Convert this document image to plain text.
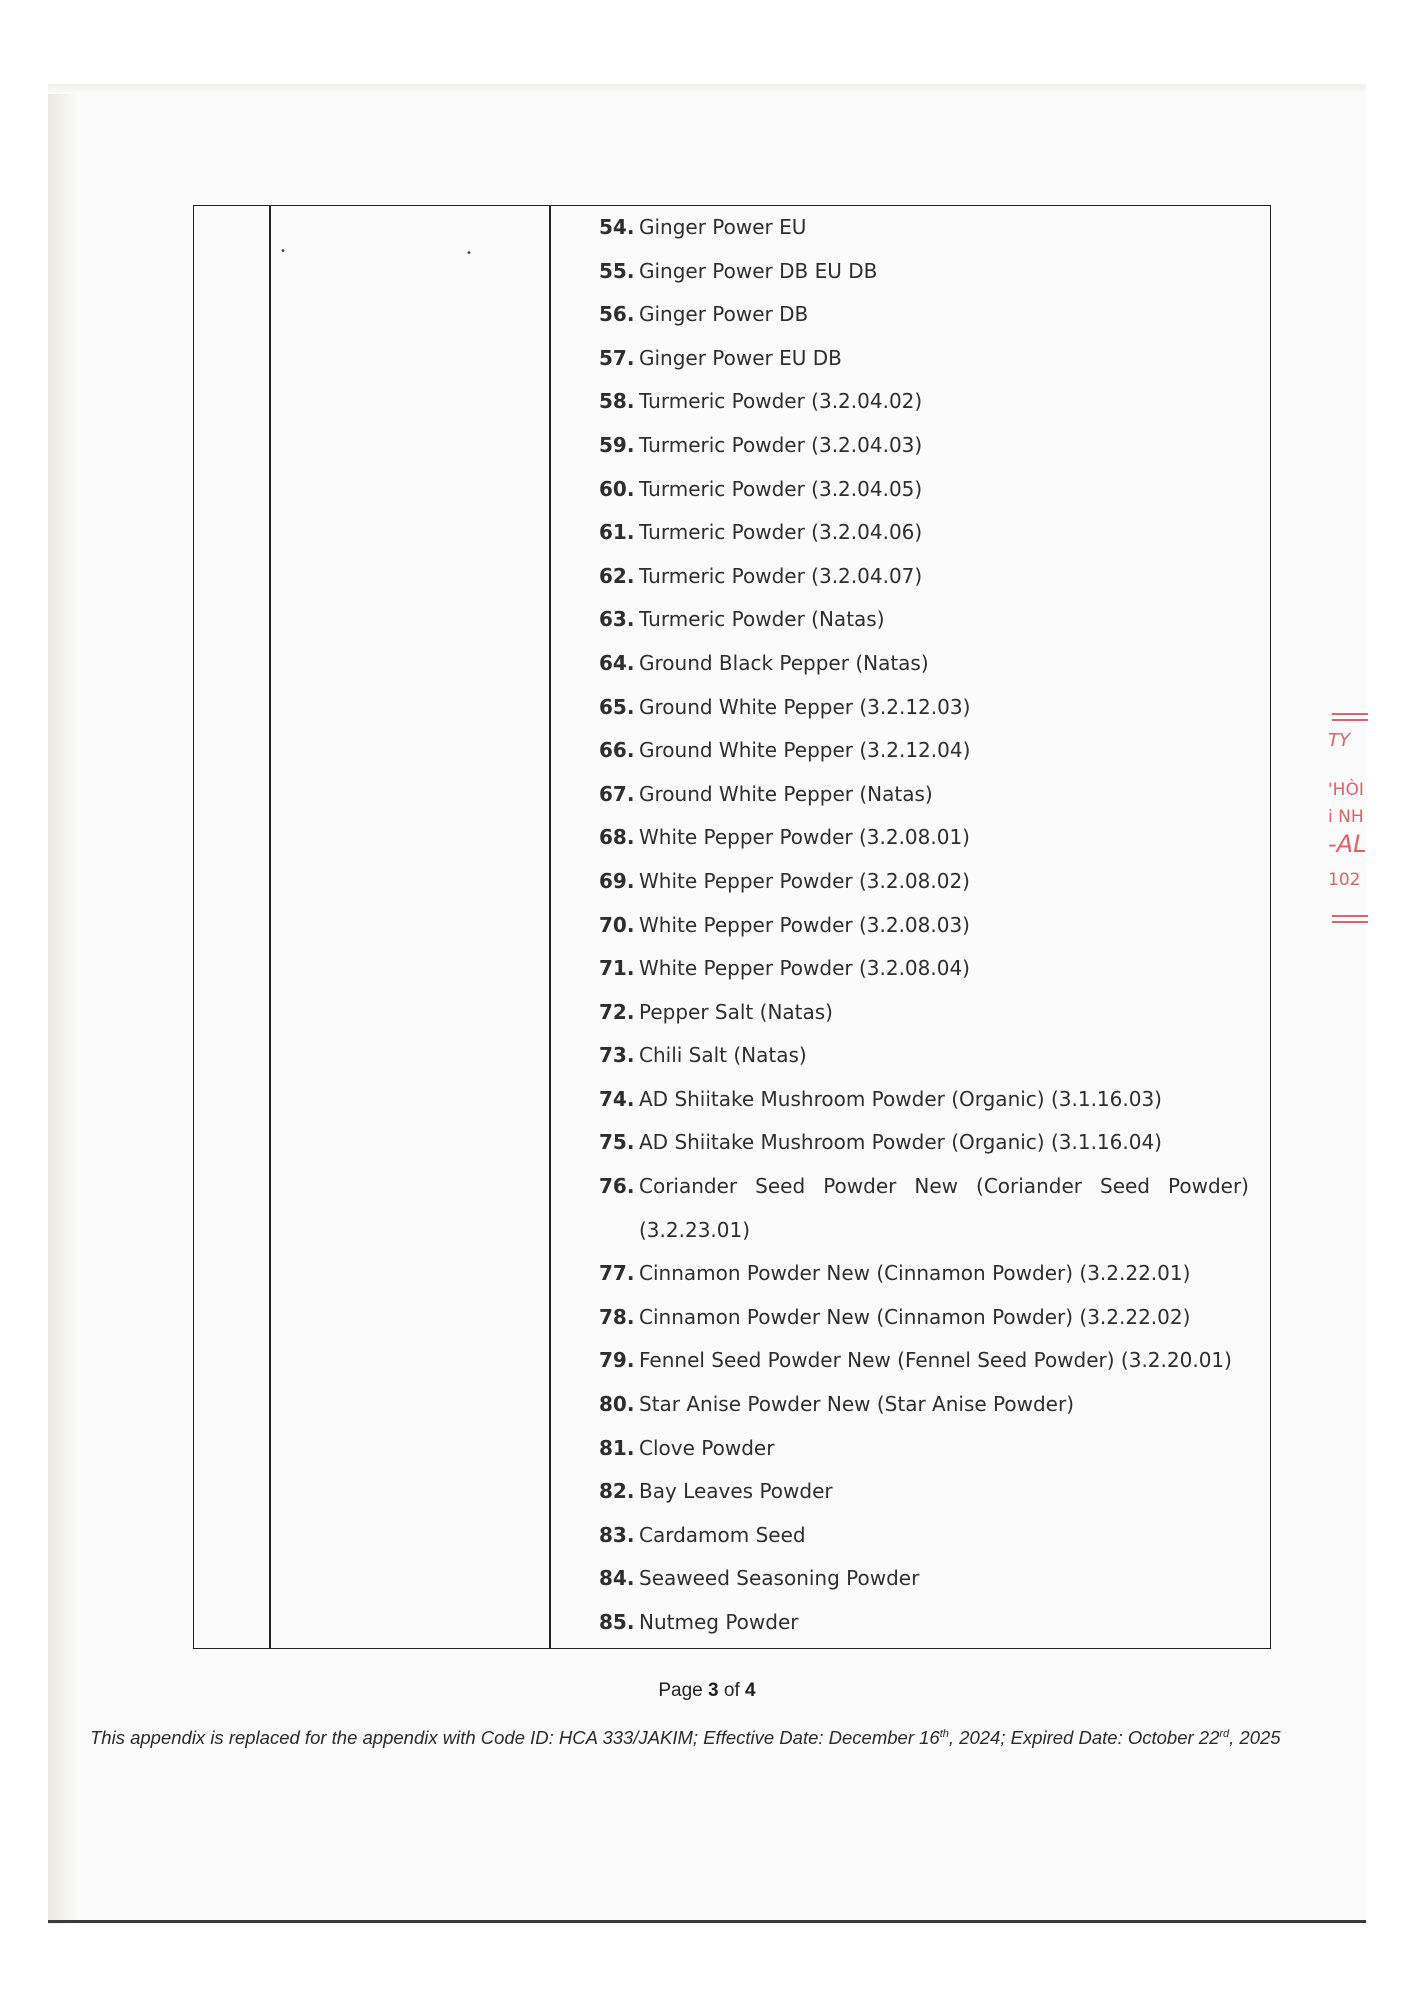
•	•
54. Ginger Power EU
55. Ginger Power DB EU DB
56. Ginger Power DB
57. Ginger Power EU DB
58. Turmeric Powder (3.2.04.02)
59. Turmeric Powder (3.2.04.03)
60. Turmeric Powder (3.2.04.05)
61. Turmeric Powder (3.2.04.06)
62. Turmeric Powder (3.2.04.07)
63. Turmeric Powder (Natas)
64. Ground Black Pepper (Natas)
65. Ground White Pepper (3.2.12.03)
66. Ground White Pepper (3.2.12.04)
67. Ground White Pepper (Natas)
68. White Pepper Powder (3.2.08.01)
69. White Pepper Powder (3.2.08.02)
70. White Pepper Powder (3.2.08.03)
71. White Pepper Powder (3.2.08.04)
72. Pepper Salt (Natas)
73. Chili Salt (Natas)
74. AD Shiitake Mushroom Powder (Organic) (3.1.16.03)
75. AD Shiitake Mushroom Powder (Organic) (3.1.16.04)
76. Coriander Seed Powder New (Coriander Seed Powder) (3.2.23.01)
77. Cinnamon Powder New (Cinnamon Powder) (3.2.22.01)
78. Cinnamon Powder New (Cinnamon Powder) (3.2.22.02)
79. Fennel Seed Powder New (Fennel Seed Powder) (3.2.20.01)
80. Star Anise Powder New (Star Anise Powder)
81. Clove Powder
82. Bay Leaves Powder
83. Cardamom Seed
84. Seaweed Seasoning Powder
85. Nutmeg Powder
Page 3 of 4
This appendix is replaced for the appendix with Code ID: HCA 333/JAKIM; Effective Date: December 16th, 2024; Expired Date: October 22rd, 2025
TY
'HÒI
i NH
-AL
102
